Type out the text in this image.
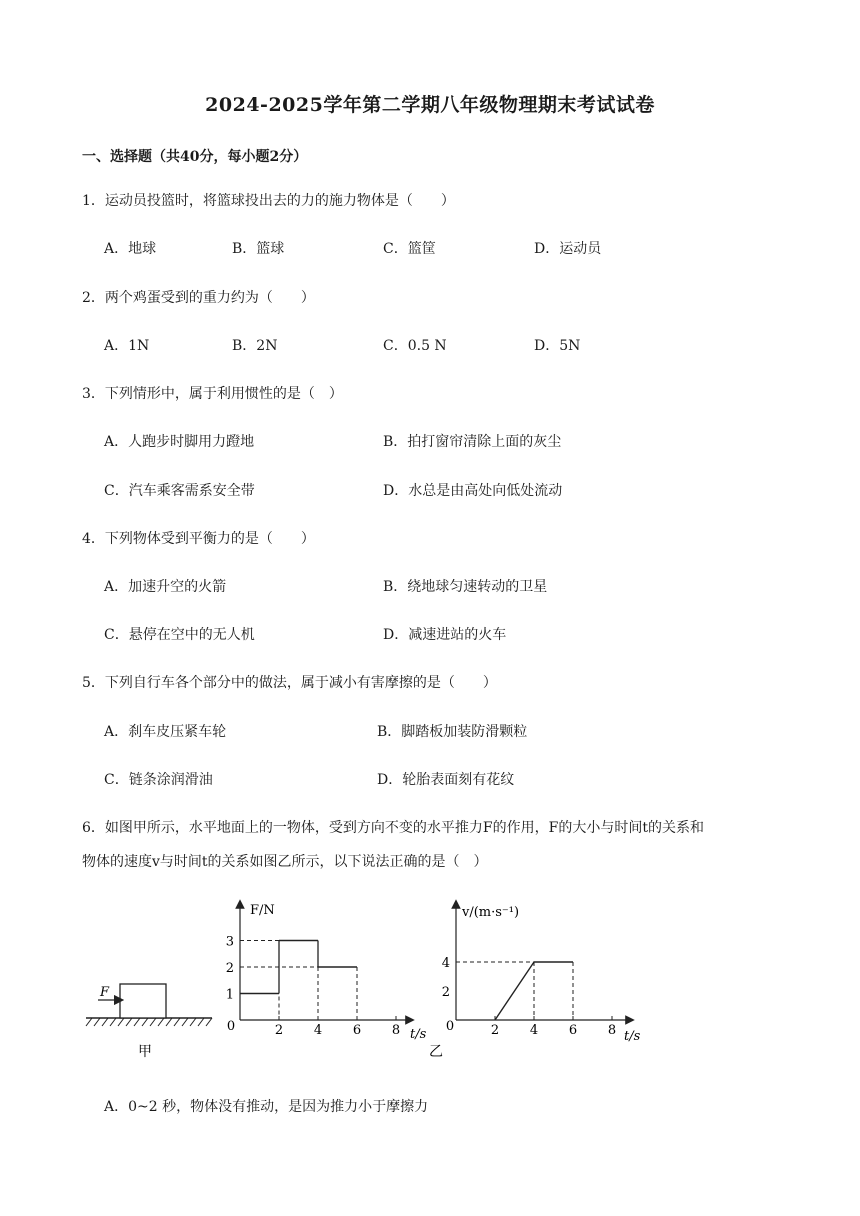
2024-2025学年第二学期八年级物理期末考试试卷
一、选择题（共40分，每小题2分）
1．运动员投篮时，将篮球投出去的力的施力物体是（　　）
A．地球	B．篮球	C．篮筐	D．运动员
2．两个鸡蛋受到的重力约为（　　）
A．1N	B．2N	C．0.5 N	D．5N
3．下列情形中，属于利用惯性的是（　）
A．人跑步时脚用力蹬地	B．拍打窗帘清除上面的灰尘
C．汽车乘客需系安全带	D．水总是由高处向低处流动
4．下列物体受到平衡力的是（　　）
A．加速升空的火箭	B．绕地球匀速转动的卫星
C．悬停在空中的无人机	D．减速进站的火车
5．下列自行车各个部分中的做法，属于减小有害摩擦的是（　　）
A．刹车皮压紧车轮	B．脚踏板加装防滑颗粒
C．链条涂润滑油	D．轮胎表面刻有花纹
6．如图甲所示，水平地面上的一物体，受到方向不变的水平推力F的作用，F的大小与时间t的关系和
物体的速度v与时间t的关系如图乙所示，以下说法正确的是（　）
F
甲
F/N
t/s
0	2 4 6 8
1
2
3
v/(m·s⁻¹)
t/s
0	2 4 6 8
2
4
乙
A．0~2 秒，物体没有推动，是因为推力小于摩擦力
